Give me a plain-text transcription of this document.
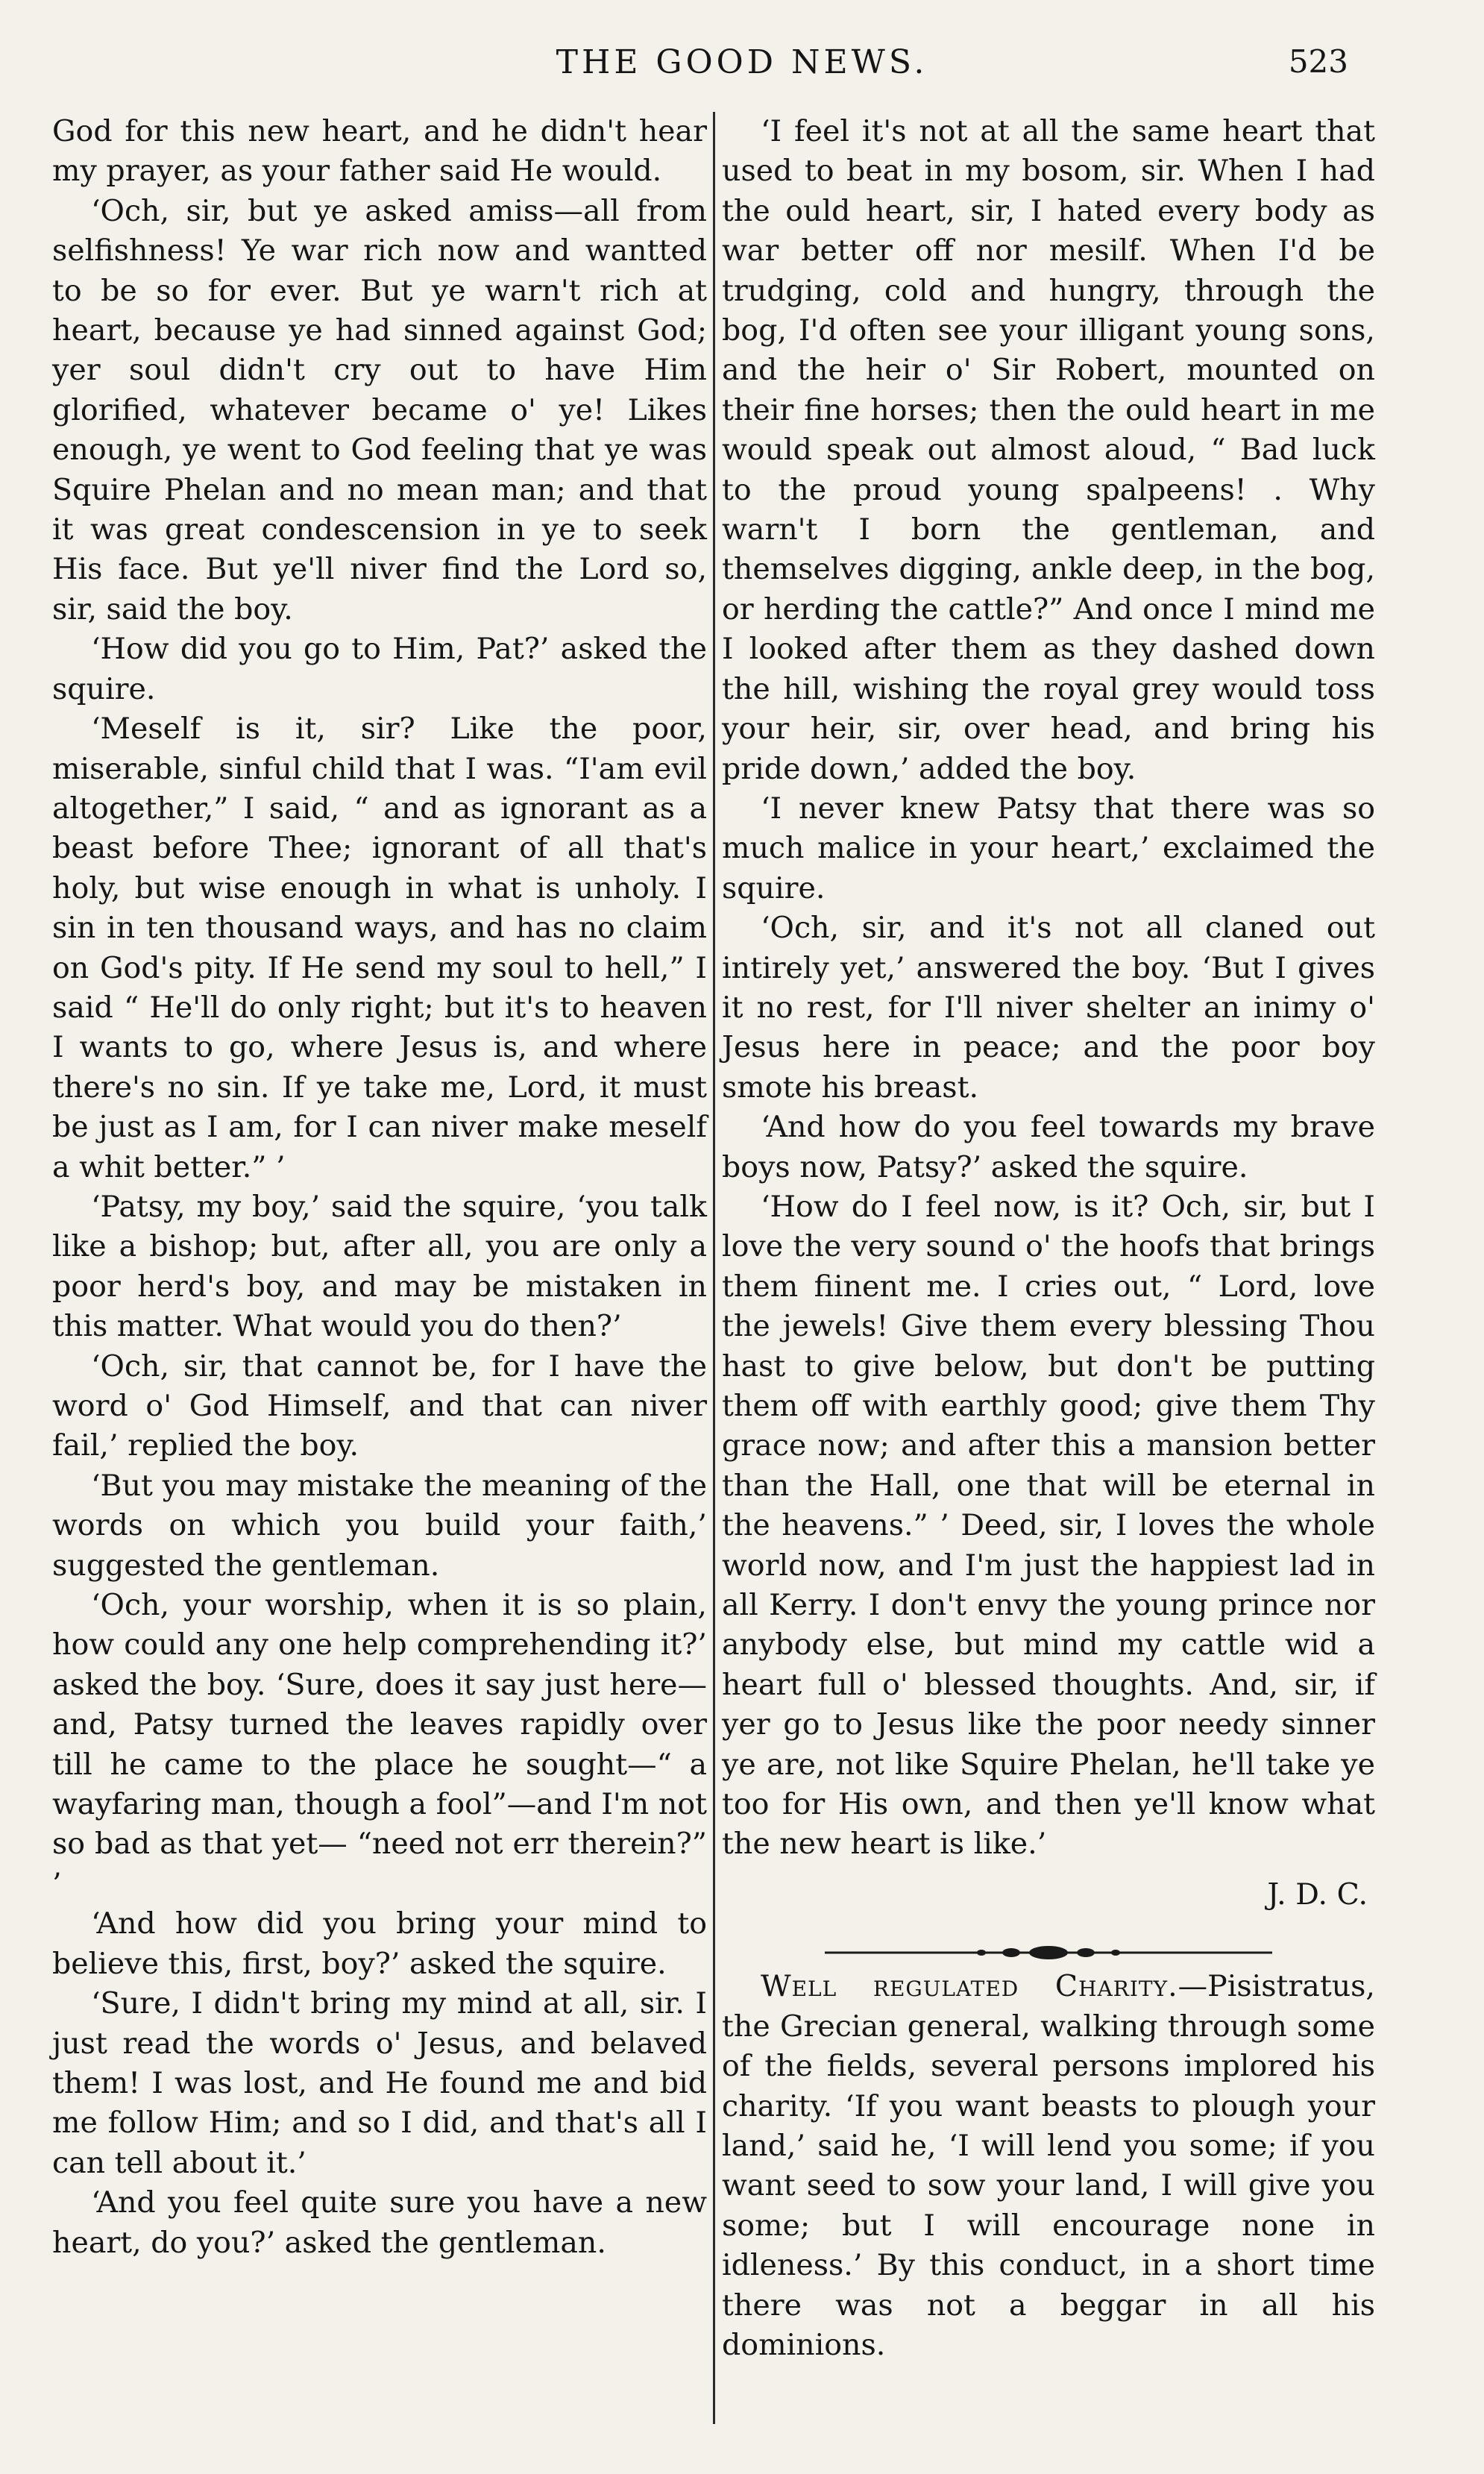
THE GOOD NEWS.	523

God for this new heart, and he didn't hear my prayer, as your father said He would.

‘Och, sir, but ye asked amiss—all from selfishness! Ye war rich now and wantted to be so for ever. But ye warn't rich at heart, because ye had sinned against God; yer soul didn't cry out to have Him glorified, whatever became o' ye! Likes enough, ye went to God feeling that ye was Squire Phelan and no mean man; and that it was great condescension in ye to seek His face. But ye'll niver find the Lord so, sir, said the boy.

‘How did you go to Him, Pat?’ asked the squire.

‘Meself is it, sir? Like the poor, miserable, sinful child that I was. “I'am evil altogether,” I said, “ and as ignorant as a beast before Thee; ignorant of all that's holy, but wise enough in what is unholy. I sin in ten thousand ways, and has no claim on God's pity. If He send my soul to hell,” I said “ He'll do only right; but it's to heaven I wants to go, where Jesus is, and where there's no sin. If ye take me, Lord, it must be just as I am, for I can niver make meself a whit better.” ’

‘Patsy, my boy,’ said the squire, ‘you talk like a bishop; but, after all, you are only a poor herd's boy, and may be mistaken in this matter. What would you do then?’

‘Och, sir, that cannot be, for I have the word o' God Himself, and that can niver fail,’ replied the boy.

‘But you may mistake the meaning of the words on which you build your faith,’ suggested the gentleman.

‘Och, your worship, when it is so plain, how could any one help comprehending it?’ asked the boy. ‘Sure, does it say just here—and, Patsy turned the leaves rapidly over till he came to the place he sought—“ a wayfaring man, though a fool”—and I'm not so bad as that yet— “need not err therein?” ’

‘And how did you bring your mind to believe this, first, boy?’ asked the squire.

‘Sure, I didn't bring my mind at all, sir. I just read the words o' Jesus, and belaved them! I was lost, and He found me and bid me follow Him; and so I did, and that's all I can tell about it.’

‘And you feel quite sure you have a new heart, do you?’ asked the gentleman.

‘I feel it's not at all the same heart that used to beat in my bosom, sir. When I had the ould heart, sir, I hated every body as war better off nor mesilf. When I'd be trudging, cold and hungry, through the bog, I'd often see your illigant young sons, and the heir o' Sir Robert, mounted on their fine horses; then the ould heart in me would speak out almost aloud, “ Bad luck to the proud young spalpeens! . Why warn't I born the gentleman, and themselves digging, ankle deep, in the bog, or herding the cattle?” And once I mind me I looked after them as they dashed down the hill, wishing the royal grey would toss your heir, sir, over head, and bring his pride down,’ added the boy.

‘I never knew Patsy that there was so much malice in your heart,’ exclaimed the squire.

‘Och, sir, and it's not all claned out intirely yet,’ answered the boy. ‘But I gives it no rest, for I'll niver shelter an inimy o' Jesus here in peace; and the poor boy smote his breast.

‘And how do you feel towards my brave boys now, Patsy?’ asked the squire.

‘How do I feel now, is it? Och, sir, but I love the very sound o' the hoofs that brings them fiinent me. I cries out, “ Lord, love the jewels! Give them every blessing Thou hast to give below, but don't be putting them off with earthly good; give them Thy grace now; and after this a mansion better than the Hall, one that will be eternal in the heavens.” ’ Deed, sir, I loves the whole world now, and I'm just the happiest lad in all Kerry. I don't envy the young prince nor anybody else, but mind my cattle wid a heart full o' blessed thoughts. And, sir, if yer go to Jesus like the poor needy sinner ye are, not like Squire Phelan, he'll take ye too for His own, and then ye'll know what the new heart is like.’

J. D. C.

Well regulated Charity.—Pisistratus, the Grecian general, walking through some of the fields, several persons implored his charity. ‘If you want beasts to plough your land,’ said he, ‘I will lend you some; if you want seed to sow your land, I will give you some; but I will encourage none in idleness.’ By this conduct, in a short time there was not a beggar in all his dominions.
